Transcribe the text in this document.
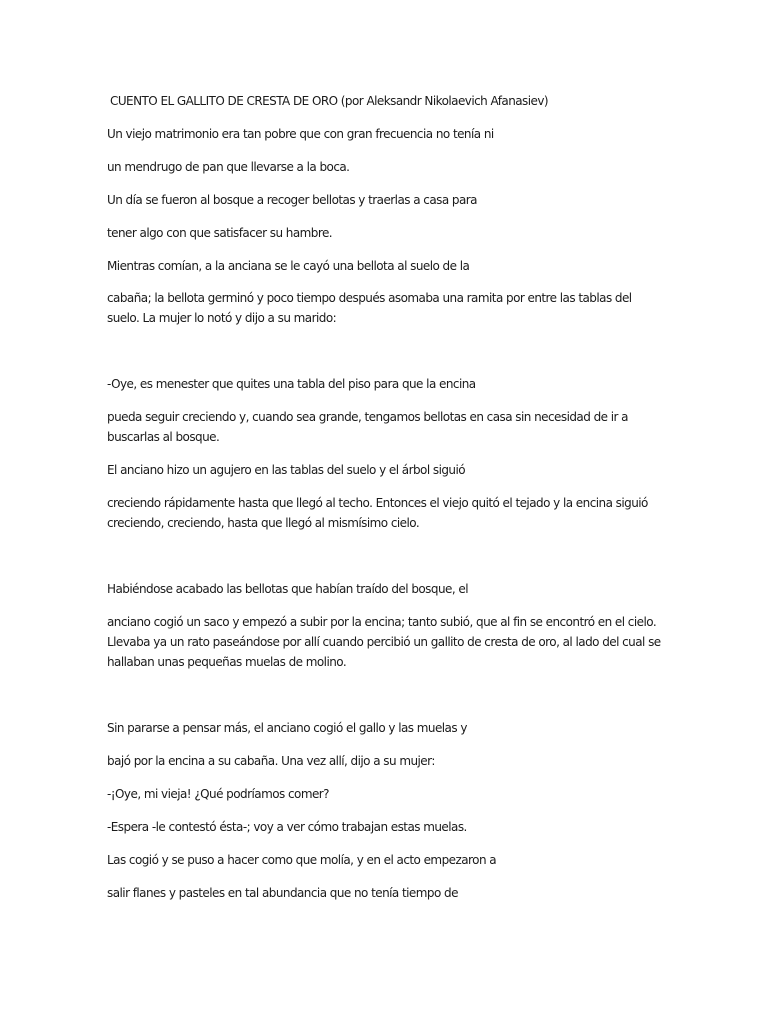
CUENTO EL GALLITO DE CRESTA DE ORO (por Aleksandr Nikolaevich Afanasiev)

Un viejo matrimonio era tan pobre que con gran frecuencia no tenía ni

un mendrugo de pan que llevarse a la boca.

Un día se fueron al bosque a recoger bellotas y traerlas a casa para

tener algo con que satisfacer su hambre.

Mientras comían, a la anciana se le cayó una bellota al suelo de la

cabaña; la bellota germinó y poco tiempo después asomaba una ramita por entre las tablas del suelo. La mujer lo notó y dijo a su marido:

-Oye, es menester que quites una tabla del piso para que la encina

pueda seguir creciendo y, cuando sea grande, tengamos bellotas en casa sin necesidad de ir a buscarlas al bosque.

El anciano hizo un agujero en las tablas del suelo y el árbol siguió

creciendo rápidamente hasta que llegó al techo. Entonces el viejo quitó el tejado y la encina siguió creciendo, creciendo, hasta que llegó al mismísimo cielo.

Habiéndose acabado las bellotas que habían traído del bosque, el

anciano cogió un saco y empezó a subir por la encina; tanto subió, que al fin se encontró en el cielo. Llevaba ya un rato paseándose por allí cuando percibió un gallito de cresta de oro, al lado del cual se hallaban unas pequeñas muelas de molino.

Sin pararse a pensar más, el anciano cogió el gallo y las muelas y

bajó por la encina a su cabaña. Una vez allí, dijo a su mujer:

-¡Oye, mi vieja! ¿Qué podríamos comer?

-Espera -le contestó ésta-; voy a ver cómo trabajan estas muelas.

Las cogió y se puso a hacer como que molía, y en el acto empezaron a

salir flanes y pasteles en tal abundancia que no tenía tiempo de
